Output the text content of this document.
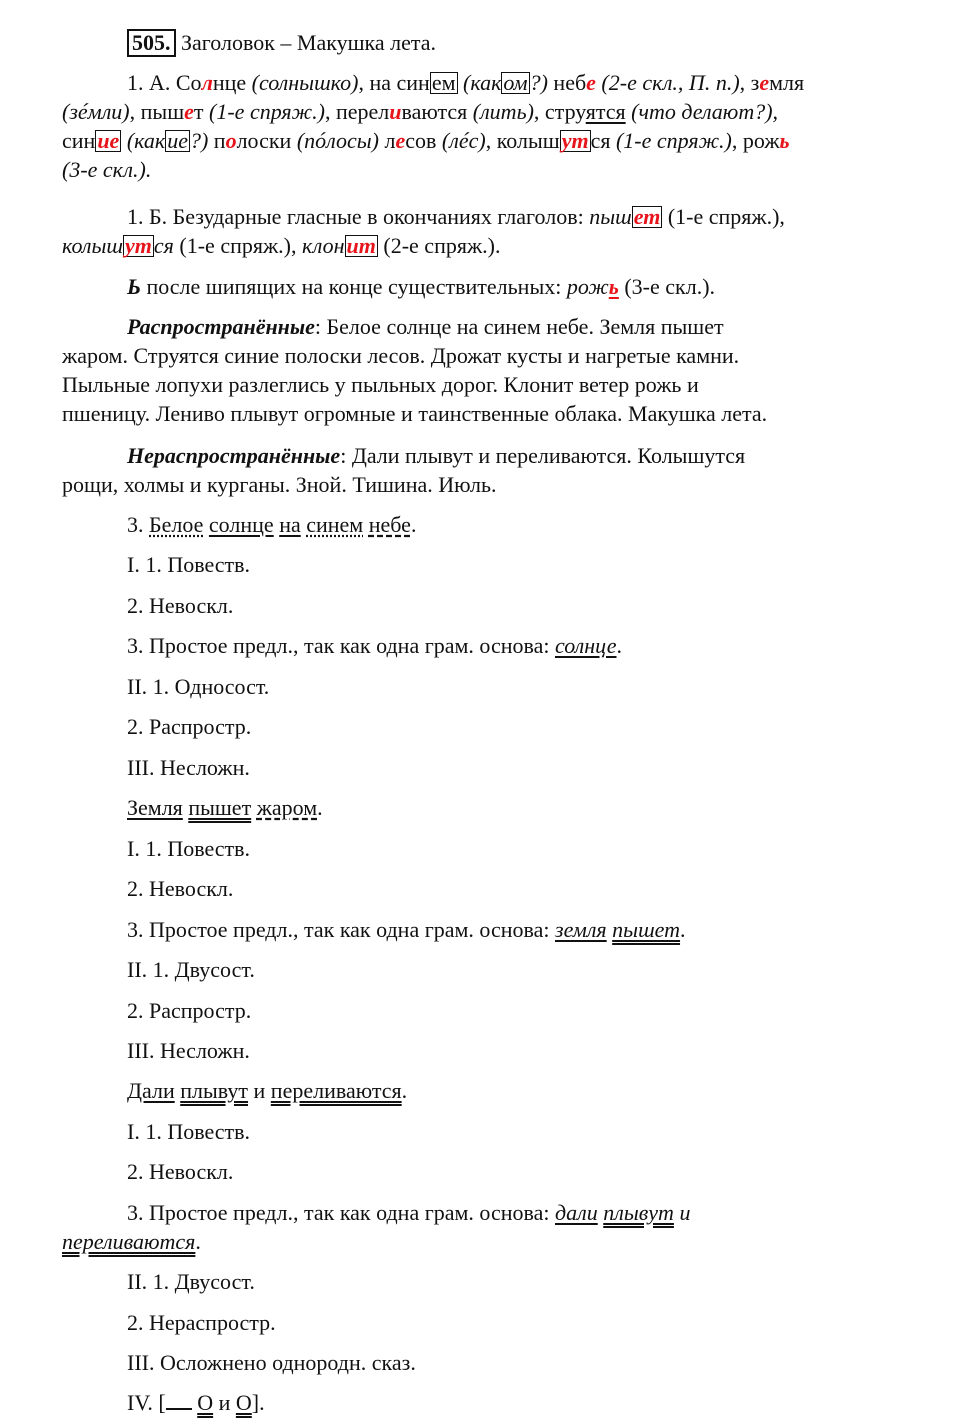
505. Заголовок – Макушка лета.
1. А. Солнце (солнышко), на синем (каком?) небе (2-е скл., П. п.), земля
(зéмли), пышет (1-е спряж.), переливаются (лить), струятся (что делают?),
синие (какие?) полоски (пóлосы) лесов (лéс), колышутся (1-е спряж.), рожь
(3-е скл.).
1. Б. Безударные гласные в окончаниях глаголов: пышет (1-е спряж.),
колышутся (1-е спряж.), клонит (2-е спряж.).
Ь после шипящих на конце существительных: рожь (3-е скл.).
Распространённые: Белое солнце на синем небе. Земля пышет
жаром. Струятся синие полоски лесов. Дрожат кусты и нагретые камни.
Пыльные лопухи разлеглись у пыльных дорог. Клонит ветер рожь и
пшеницу. Лениво плывут огромные и таинственные облака. Макушка лета.
Нераспространённые: Дали плывут и переливаются. Колышутся
рощи, холмы и курганы. Зной. Тишина. Июль.
3. Белое солнце на синем небе.
I. 1. Повеств.
2. Невоскл.
3. Простое предл., так как одна грам. основа: солнце.
II. 1. Односост.
2. Распростр.
III. Несложн.
Земля пышет жаром.
I. 1. Повеств.
2. Невоскл.
3. Простое предл., так как одна грам. основа: земля пышет.
II. 1. Двусост.
2. Распростр.
III. Несложн.
Дали плывут и переливаются.
I. 1. Повеств.
2. Невоскл.
3. Простое предл., так как одна грам. основа: дали плывут и
переливаются.
II. 1. Двусост.
2. Нераспростр.
III. Осложнено однородн. сказ.
IV. [ О и О].
